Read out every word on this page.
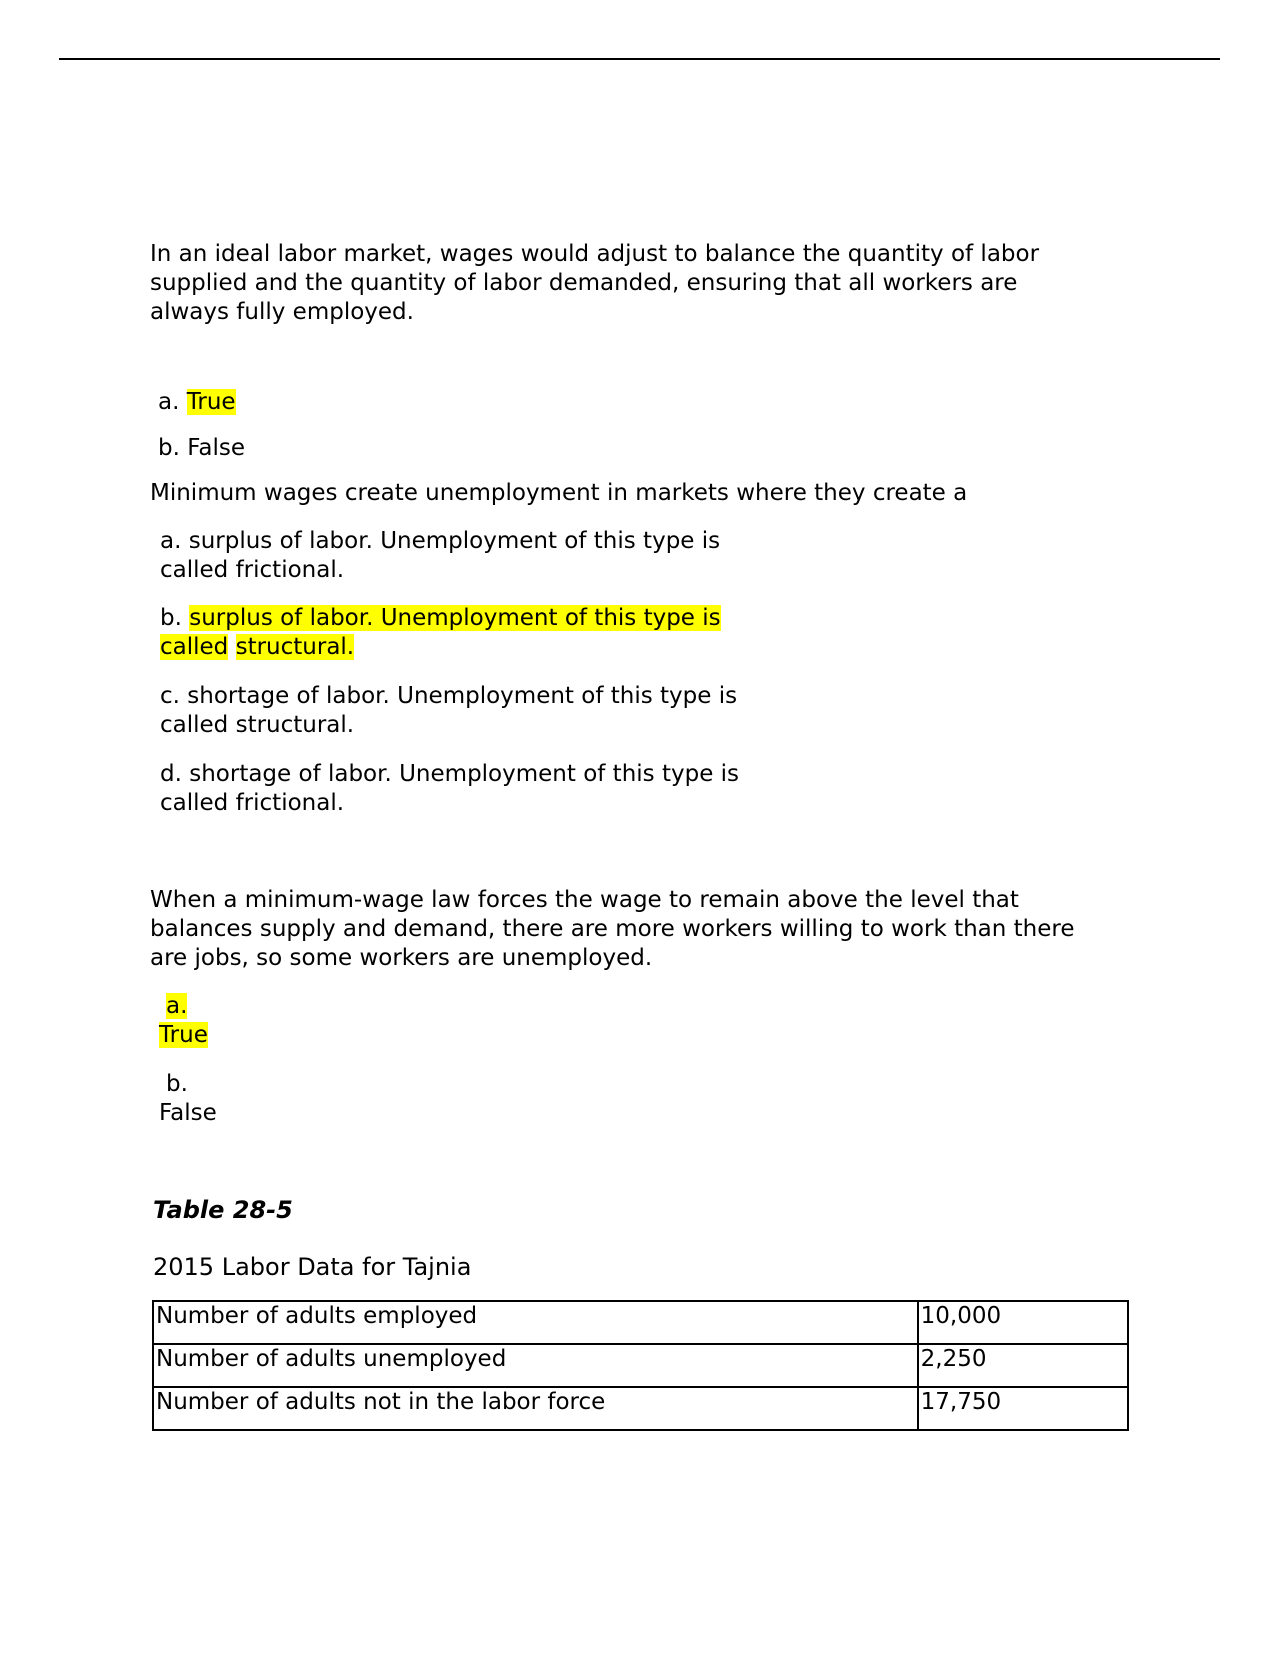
In an ideal labor market, wages would adjust to balance the quantity of labor supplied and the quantity of labor demanded, ensuring that all workers are always fully employed.

a. True

b. False

Minimum wages create unemployment in markets where they create a

a. surplus of labor. Unemployment of this type is
called frictional.
b. surplus of labor. Unemployment of this type is
called structural.
c. shortage of labor. Unemployment of this type is
called structural.
d. shortage of labor. Unemployment of this type is
called frictional.

When a minimum-wage law forces the wage to remain above the level that balances supply and demand, there are more workers willing to work than there are jobs, so some workers are unemployed.

a.
True
b.
False

Table 28-5

2015 Labor Data for Tajnia

Number of adults employed	10,000
Number of adults unemployed	2,250
Number of adults not in the labor force	17,750
